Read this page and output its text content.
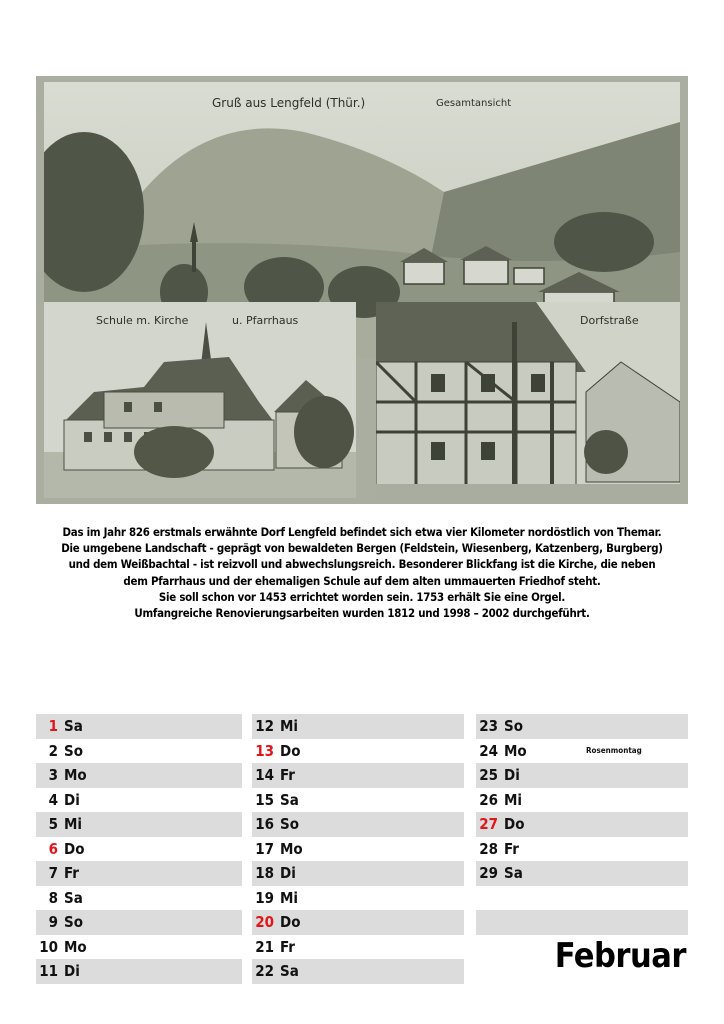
Gruß aus Lengfeld (Thür.)	Gesamtansicht
Schule m. Kirche	u. Pfarrhaus	Dorfstraße
Das im Jahr 826 erstmals erwähnte Dorf Lengfeld befindet sich etwa vier Kilometer nordöstlich von Themar.
Die umgebene Landschaft - geprägt von bewaldeten Bergen (Feldstein, Wiesenberg, Katzenberg, Burgberg)
und dem Weißbachtal - ist reizvoll und abwechslungsreich. Besonderer Blickfang ist die Kirche, die neben
dem Pfarrhaus und der ehemaligen Schule auf dem alten ummauerten Friedhof steht.
Sie soll schon vor 1453 errichtet worden sein. 1753 erhält Sie eine Orgel.
Umfangreiche Renovierungsarbeiten wurden 1812 und 1998 – 2002 durchgeführt.
1 Sa
2 So
3 Mo
4 Di
5 Mi
6 Do
7 Fr
8 Sa
9 So
10 Mo
11 Di
12 Mi
13 Do
14 Fr
15 Sa
16 So
17 Mo
18 Di
19 Mi
20 Do
21 Fr
22 Sa
23 So
24 Mo	Rosenmontag
25 Di
26 Mi
27 Do
28 Fr
29 Sa
Februar
